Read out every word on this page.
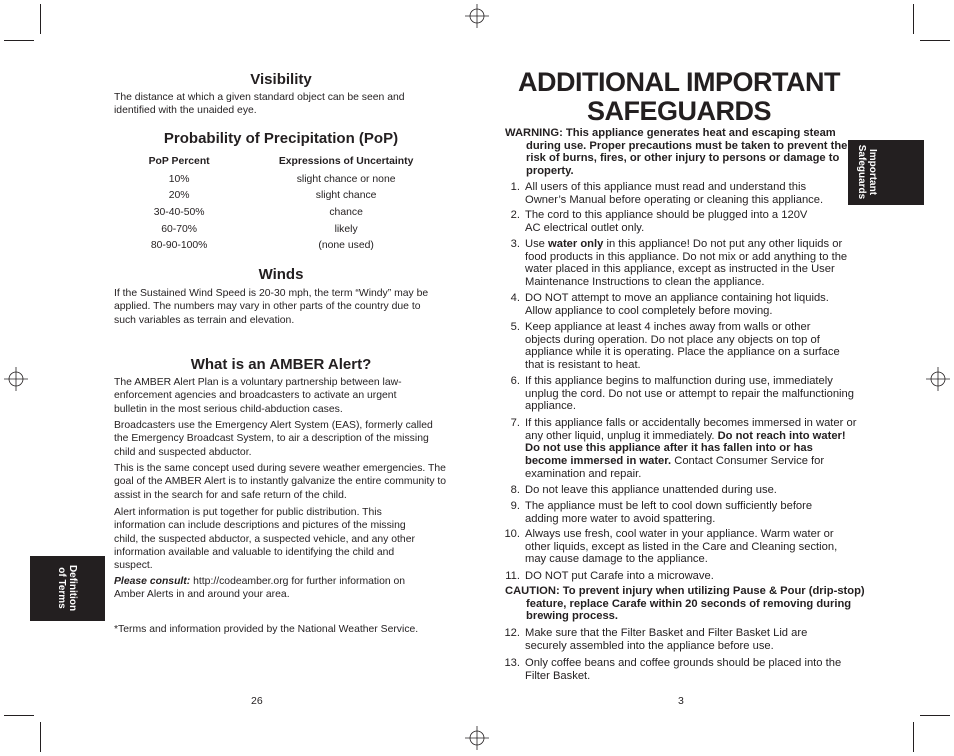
Visibility

The distance at which a given standard object can be seen and identified with the unaided eye.

Probability of Precipitation (PoP)
PoP Percent	Expressions of Uncertainty
10%	slight chance or none
20%	slight chance
30-40-50%	chance
60-70%	likely
80-90-100%	(none used)
Winds

If the Sustained Wind Speed is 20-30 mph, the term “Windy” may be applied. The numbers may vary in other parts of the country due to such variables as terrain and elevation.

What is an AMBER Alert?

The AMBER Alert Plan is a voluntary partnership between law-enforcement agencies and broadcasters to activate an urgent bulletin in the most serious child-abduction cases.

Broadcasters use the Emergency Alert System (EAS), formerly called the Emergency Broadcast System, to air a description of the missing child and suspected abductor.

This is the same concept used during severe weather emergencies. The goal of the AMBER Alert is to instantly galvanize the entire community to assist in the search for and safe return of the child.

Alert information is put together for public distribution. This information can include descriptions and pictures of the missing child, the suspected abductor, a suspected vehicle, and any other information available and valuable to identifying the child and suspect.

Please consult: http://codeamber.org for further information on Amber Alerts in and around your area.

*Terms and information provided by the National Weather Service.

Definition
of Terms
26
ADDITIONAL IMPORTANT
SAFEGUARDS
WARNING: This appliance generates heat and escaping steam during use. Proper precautions must be taken to prevent the risk of burns, fires, or other injury to persons or damage to property.
1. All users of this appliance must read and understand this Owner’s Manual before operating or cleaning this appliance.
2. The cord to this appliance should be plugged into a 120V AC electrical outlet only.
3. Use water only in this appliance! Do not put any other liquids or food products in this appliance. Do not mix or add anything to the water placed in this appliance, except as instructed in the User Maintenance Instructions to clean the appliance.
4. DO NOT attempt to move an appliance containing hot liquids. Allow appliance to cool completely before moving.
5. Keep appliance at least 4 inches away from walls or other objects during operation. Do not place any objects on top of appliance while it is operating. Place the appliance on a surface that is resistant to heat.
6. If this appliance begins to malfunction during use, immediately unplug the cord. Do not use or attempt to repair the malfunctioning appliance.
7. If this appliance falls or accidentally becomes immersed in water or any other liquid, unplug it immediately. Do not reach into water! Do not use this appliance after it has fallen into or has become immersed in water. Contact Consumer Service for examination and repair.
8. Do not leave this appliance unattended during use.
9. The appliance must be left to cool down sufficiently before adding more water to avoid spattering.
10. Always use fresh, cool water in your appliance. Warm water or other liquids, except as listed in the Care and Cleaning section, may cause damage to the appliance.
11. DO NOT put Carafe into a microwave.
CAUTION: To prevent injury when utilizing Pause & Pour (drip-stop) feature, replace Carafe within 20 seconds of removing during brewing process.
12. Make sure that the Filter Basket and Filter Basket Lid are securely assembled into the appliance before use.
13. Only coffee beans and coffee grounds should be placed into the Filter Basket.
Important
Safeguards
3
